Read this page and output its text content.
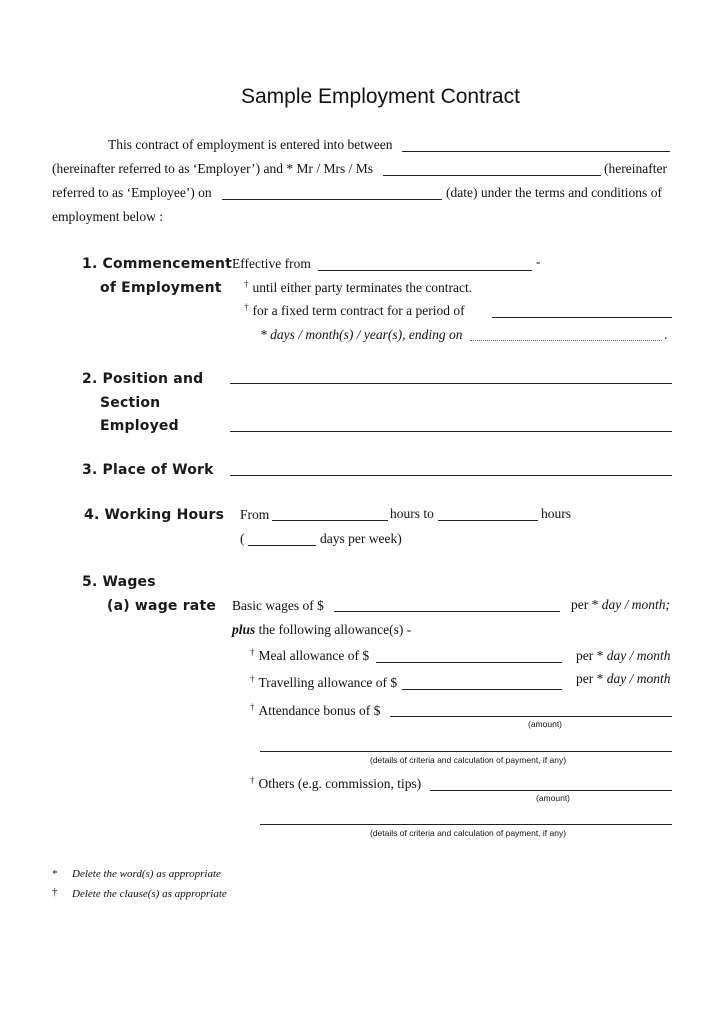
Sample Employment Contract
This contract of employment is entered into between
(hereinafter referred to as ‘Employer’) and * Mr / Mrs / Ms	(hereinafter
referred to as ‘Employee’) on	(date) under the terms and conditions of
employment below :
1. Commencement
of Employment
Effective from	-
† until either party terminates the contract.
† for a fixed term contract for a period of
* days / month(s) / year(s), ending on	.
2. Position and
Section
Employed
3. Place of Work
4. Working Hours From	hours to	hours
(	days per week)
5. Wages
(a) wage rate Basic wages of $	per * day / month;
plus the following allowance(s) -
† Meal allowance of $	per * day / month
† Travelling allowance of $	per * day / month
† Attendance bonus of $
(amount)
(details of criteria and calculation of payment, if any)
† Others (e.g. commission, tips)
(amount)
(details of criteria and calculation of payment, if any)
* Delete the word(s) as appropriate
† Delete the clause(s) as appropriate
